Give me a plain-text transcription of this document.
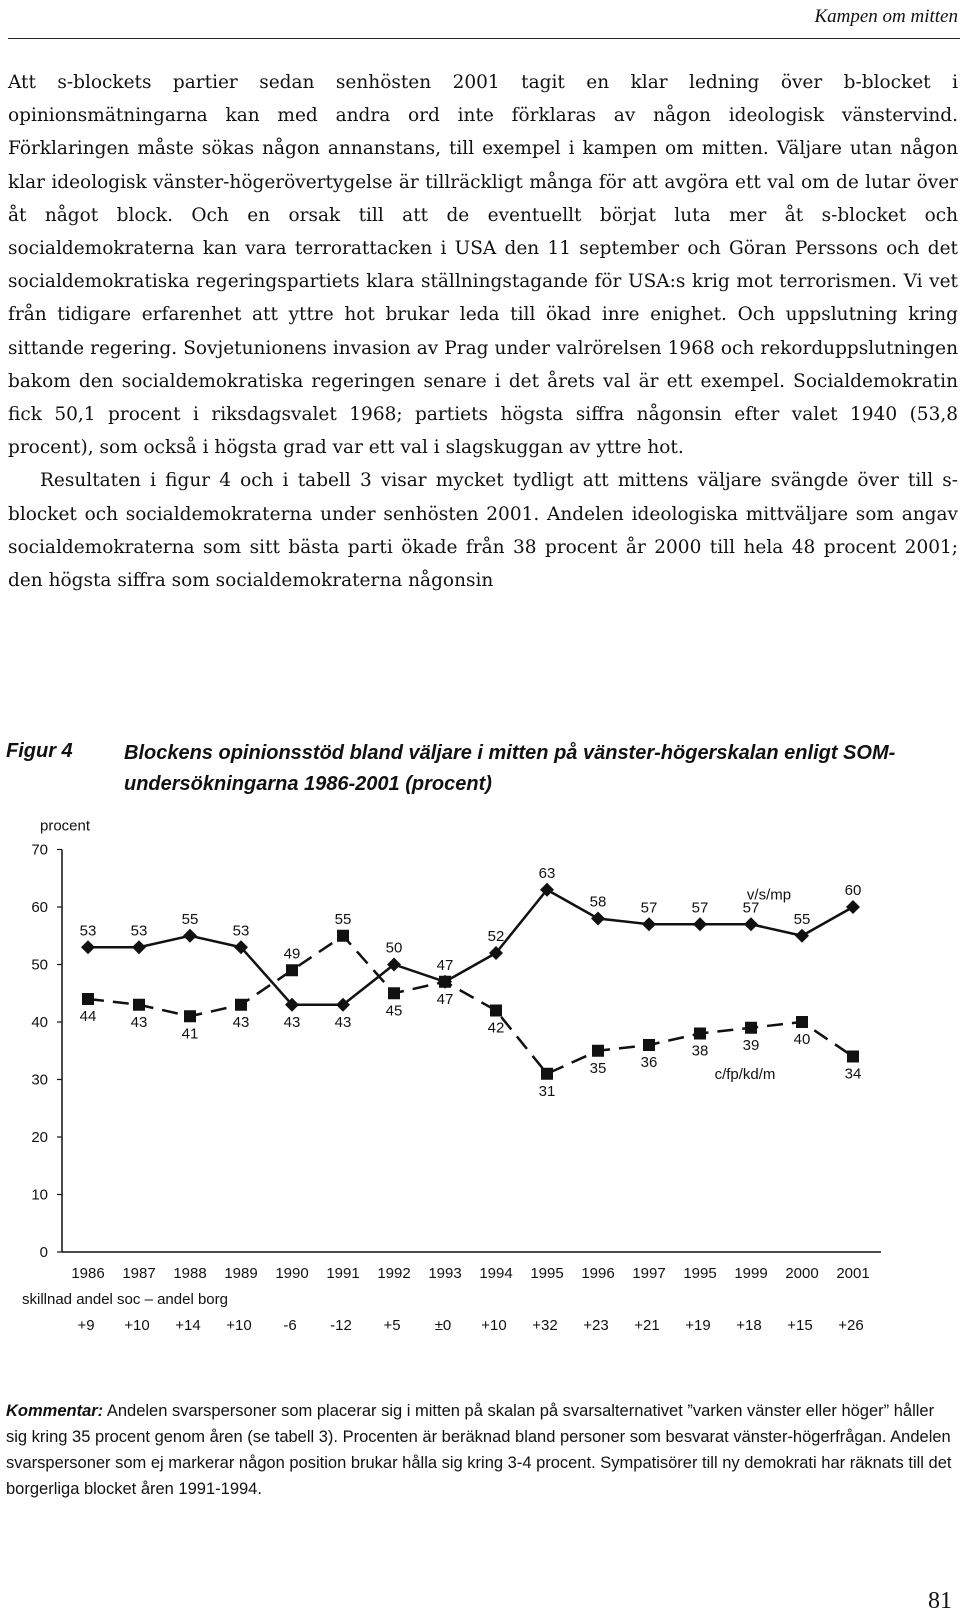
Kampen om mitten

Att s-blockets partier sedan senhösten 2001 tagit en klar ledning över b-blocket i opinionsmätningarna kan med andra ord inte förklaras av någon ideologisk vänstervind. Förklaringen måste sökas någon annanstans, till exempel i kampen om mitten. Väljare utan någon klar ideologisk vänster-högerövertygelse är tillräckligt många för att avgöra ett val om de lutar över åt något block. Och en orsak till att de eventuellt börjat luta mer åt s-blocket och socialdemokraterna kan vara terrorattacken i USA den 11 september och Göran Perssons och det socialdemokratiska regeringspartiets klara ställningstagande för USA:s krig mot terrorismen. Vi vet från tidigare erfarenhet att yttre hot brukar leda till ökad inre enighet. Och uppslutning kring sittande regering. Sovjetunionens invasion av Prag under valrörelsen 1968 och rekorduppslutningen bakom den socialdemokratiska regeringen senare i det årets val är ett exempel. Socialdemokratin fick 50,1 procent i riksdagsvalet 1968; partiets högsta siffra någonsin efter valet 1940 (53,8 procent), som också i högsta grad var ett val i slagskuggan av yttre hot.

Resultaten i figur 4 och i tabell 3 visar mycket tydligt att mittens väljare svängde över till s-blocket och socialdemokraterna under senhösten 2001. Andelen ideologiska mittväljare som angav socialdemokraterna som sitt bästa parti ökade från 38 procent år 2000 till hela 48 procent 2001; den högsta siffra som socialdemokraterna någonsin

Figur 4	Blockens opinionsstöd bland väljare i mitten på vänster-högerskalan enligt SOM-undersökningarna 1986-2001 (procent)
procent
0
10
20
30
40
50
60
70
1986 1987 1988 1989 1990 1991 1992 1993 1994 1995 1996 1997 1995 1999 2000 2001
53
44
53
43
55
41
53
43 43
49
43
55
50
45
47
47
52
42
63
31
58
35
57
36
57
38
57
39
55
40
60
34
v/s/mp
c/fp/kd/m
skillnad andel soc – andel borg
+9 +10 +14 +10 -6 -12 +5 ±0 +10 +32 +23 +21 +19 +18 +15 +26
Kommentar: Andelen svarspersoner som placerar sig i mitten på skalan på svarsalternativet ”varken vänster eller höger” håller sig kring 35 procent genom åren (se tabell 3). Procenten är beräknad bland personer som besvarat vänster-högerfrågan. Andelen svarspersoner som ej markerar någon position brukar hålla sig kring 3-4 procent. Sympatisörer till ny demokrati har räknats till det borgerliga blocket åren 1991-1994.
81
